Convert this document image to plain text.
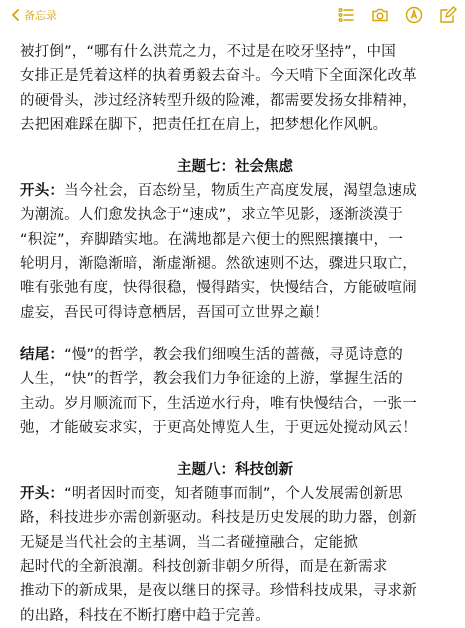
备忘录
被打倒”，“哪有什么洪荒之力，不过是在咬牙坚持”，中国
女排正是凭着这样的执着勇毅去奋斗。今天啃下全面深化改革
的硬骨头，涉过经济转型升级的险滩，都需要发扬女排精神，
去把困难踩在脚下，把责任扛在肩上，把梦想化作风帆。
主题七：社会焦虑
开头：当今社会，百态纷呈，物质生产高度发展，渴望急速成
为潮流。人们愈发执念于“速成”，求立竿见影，逐渐淡漠于
“积淀”，弃脚踏实地。在满地都是六便士的熙熙攘攘中，一
轮明月，渐隐渐暗，渐虚渐褪。然欲速则不达，骤进只取亡，
唯有张弛有度，快得很稳，慢得踏实，快慢结合，方能破喧闹
虚妄，吾民可得诗意栖居，吾国可立世界之巅！
结尾：“慢”的哲学，教会我们细嗅生活的蔷薇，寻觅诗意的
人生，“快”的哲学，教会我们力争征途的上游，掌握生活的
主动。岁月顺流而下，生活逆水行舟，唯有快慢结合，一张一
弛，才能破妄求实，于更高处博览人生，于更远处搅动风云！
主题八：科技创新
开头：“明者因时而变，知者随事而制”，个人发展需创新思
路，科技进步亦需创新驱动。科技是历史发展的助力器，创新
无疑是当代社会的主基调，当二者碰撞融合，定能掀
起时代的全新浪潮。科技创新非朝夕所得，而是在新需求
推动下的新成果，是夜以继日的探寻。珍惜科技成果，寻求新
的出路，科技在不断打磨中趋于完善。
